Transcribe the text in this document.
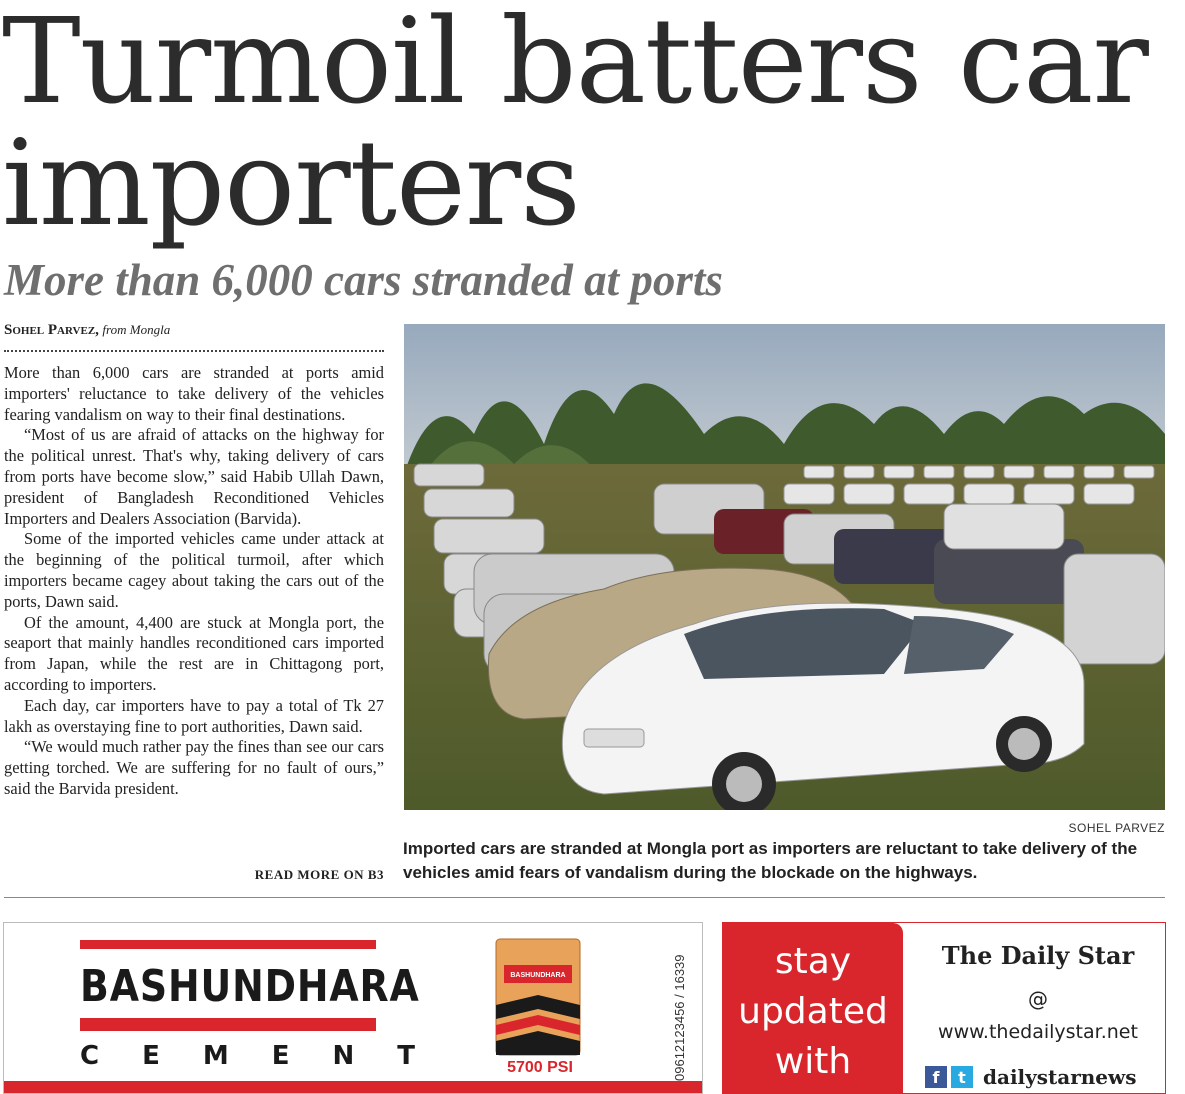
Turmoil batters car importers
More than 6,000 cars stranded at ports
Sohel Parvez, from Mongla

More than 6,000 cars are stranded at ports amid importers' reluctance to take delivery of the vehicles fearing vandalism on way to their final destinations.

“Most of us are afraid of attacks on the highway for the political unrest. That's why, taking delivery of cars from ports have become slow,” said Habib Ullah Dawn, president of Bangladesh Reconditioned Vehicles Importers and Dealers Association (Barvida).

Some of the imported vehicles came under attack at the beginning of the political turmoil, after which importers became cagey about taking the cars out of the ports, Dawn said.

Of the amount, 4,400 are stuck at Mongla port, the seaport that mainly handles reconditioned cars imported from Japan, while the rest are in Chittagong port, according to importers.

Each day, car importers have to pay a total of Tk 27 lakh as overstaying fine to port authorities, Dawn said.

“We would much rather pay the fines than see our cars getting torched. We are suffering for no fault of ours,” said the Barvida president.

READ MORE ON B3
SOHEL PARVEZ
Imported cars are stranded at Mongla port as importers are reluctant to take delivery of the vehicles amid fears of vandalism during the blockade on the highways.
BASHUNDHARA
CEMENT
BASHUNDHARA
5700 PSI	09612123456 / 16339	stay
updated
with
The Daily Star
@
www.thedailystar.net
f	t dailystarnews
